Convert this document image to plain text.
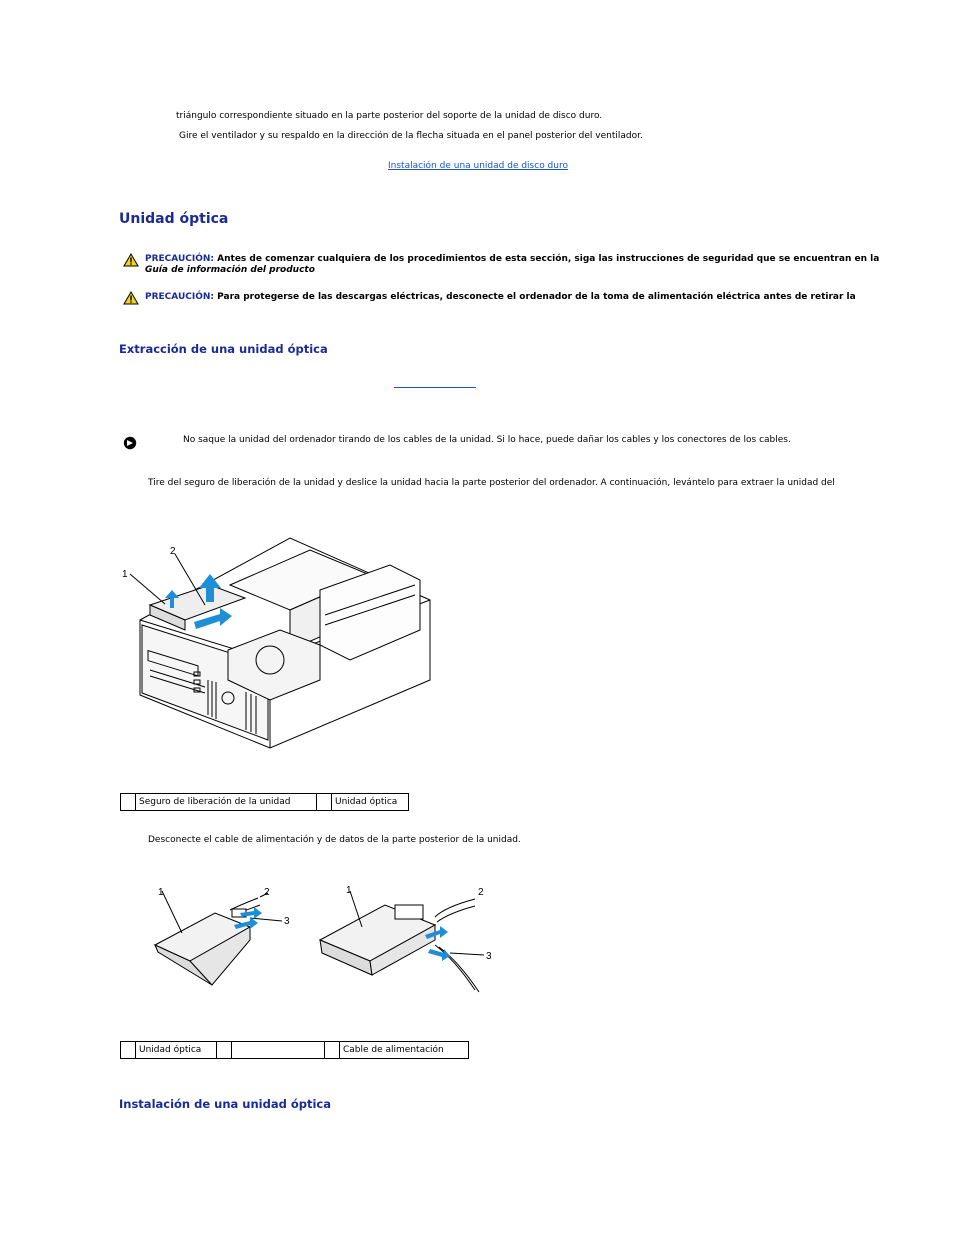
triángulo correspondiente situado en la parte posterior del soporte de la unidad de disco duro.
Gire el ventilador y su respaldo en la dirección de la flecha situada en el panel posterior del ventilador.
Instalación de una unidad de disco duro
Unidad óptica
PRECAUCIÓN: Antes de comenzar cualquiera de los procedimientos de esta sección, siga las instrucciones de seguridad que se encuentran en la
Guía de información del producto
PRECAUCIÓN: Para protegerse de las descargas eléctricas, desconecte el ordenador de la toma de alimentación eléctrica antes de retirar la
Extracción de una unidad óptica
No saque la unidad del ordenador tirando de los cables de la unidad. Si lo hace, puede dañar los cables y los conectores de los cables.
Tire del seguro de liberación de la unidad y deslice la unidad hacia la parte posterior del ordenador. A continuación, levántelo para extraer la unidad del
1
2
	Seguro de liberación de la unidad		Unidad óptica
Desconecte el cable de alimentación y de datos de la parte posterior de la unidad.
1	2
3
1	2
3
	Unidad óptica				Cable de alimentación
Instalación de una unidad óptica
